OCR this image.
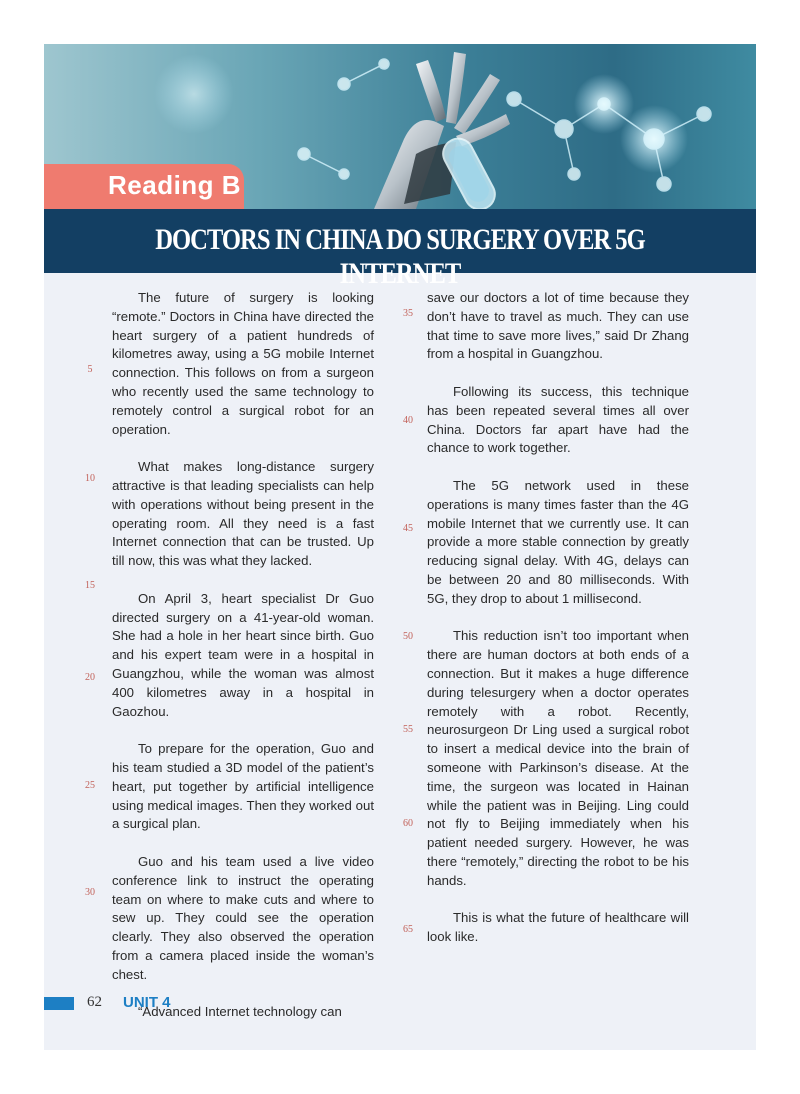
Reading B
DOCTORS IN CHINA DO SURGERY OVER 5G INTERNET

The future of surgery is looking “remote.” Doctors in China have directed the heart surgery of a patient hundreds of kilometres away, using a 5G mobile Internet connection. This follows on from a surgeon who recently used the same technology to remotely control a surgical robot for an operation.

What makes long-distance surgery attractive is that leading specialists can help with operations without being present in the operating room. All they need is a fast Internet connection that can be trusted. Up till now, this was what they lacked.

On April 3, heart specialist Dr Guo directed surgery on a 41-year-old woman. She had a hole in her heart since birth. Guo and his expert team were in a hospital in Guangzhou, while the woman was almost 400 kilometres away in a hospital in Gaozhou.

To prepare for the operation, Guo and his team studied a 3D model of the patient’s heart, put together by artificial intelligence using medical images. Then they worked out a surgical plan.

Guo and his team used a live video conference link to instruct the operating team on where to make cuts and where to sew up. They could see the operation clearly. They also observed the operation from a camera placed inside the woman’s chest.

“Advanced Internet technology can

save our doctors a lot of time because they don’t have to travel as much. They can use that time to save more lives,” said Dr Zhang from a hospital in Guangzhou.

Following its success, this technique has been repeated several times all over China. Doctors far apart have had the chance to work together.

The 5G network used in these operations is many times faster than the 4G mobile Internet that we currently use. It can provide a more stable connection by greatly reducing signal delay. With 4G, delays can be between 20 and 80 milliseconds. With 5G, they drop to about 1 millisecond.

This reduction isn’t too important when there are human doctors at both ends of a connection. But it makes a huge difference during telesurgery when a doctor operates remotely with a robot. Recently, neurosurgeon Dr Ling used a surgical robot to insert a medical device into the brain of someone with Parkinson’s disease. At the time, the surgeon was located in Hainan while the patient was in Beijing. Ling could not fly to Beijing immediately when his patient needed surgery. However, he was there “remotely,” directing the robot to be his hands.

This is what the future of healthcare will look like.

5
10
15
20
25
30
35
40
45
50
55
60
65
62 UNIT 4
